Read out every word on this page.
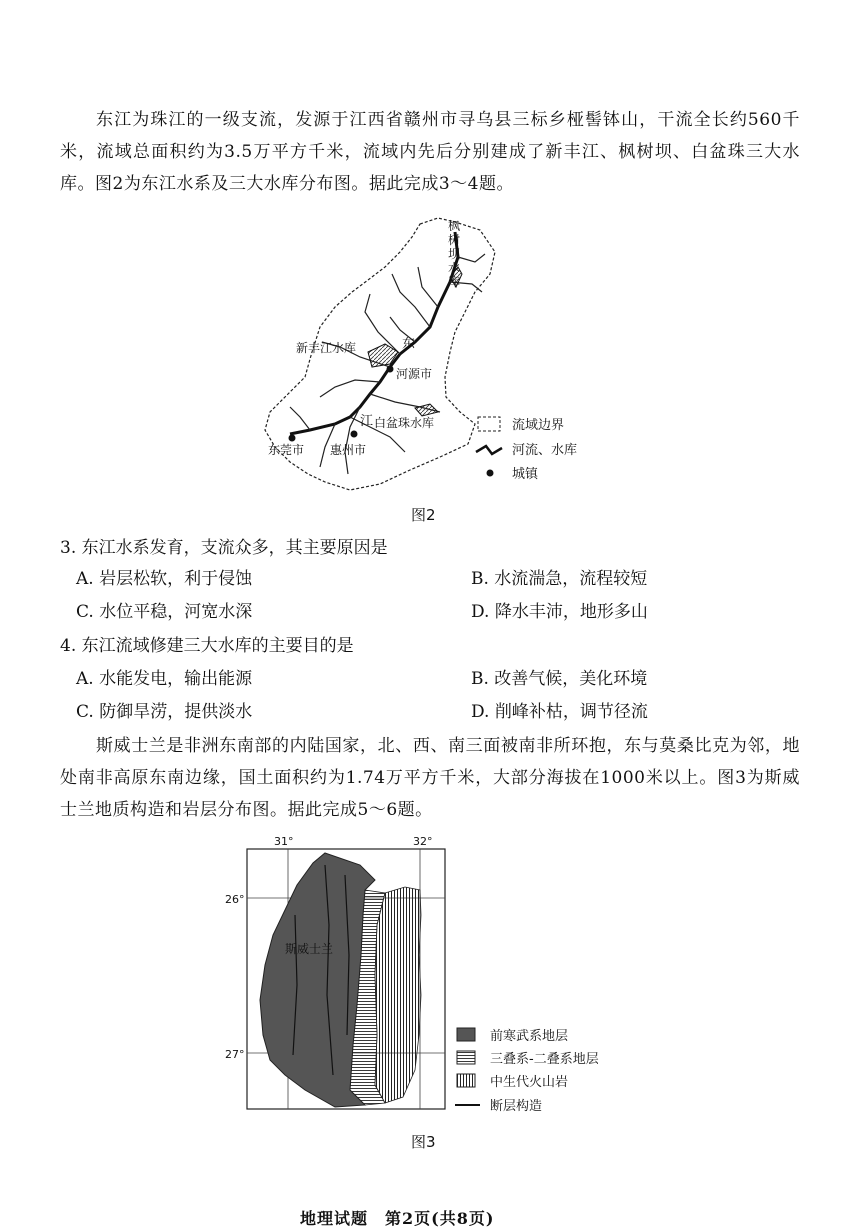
东江为珠江的一级支流，发源于江西省赣州市寻乌县三标乡桠髻钵山，干流全长约560千米，流域总面积约为3.5万平方千米，流域内先后分别建成了新丰江、枫树坝、白盆珠三大水库。图2为东江水系及三大水库分布图。据此完成3～4题。

枫
树
坝
水
库
新丰江水库	东
江
河源市
白盆珠水库
东莞市 惠州市
流域边界
河流、水库
城镇
图2

3. 东江水系发育，支流众多，其主要原因是

A. 岩层松软，利于侵蚀	B. 水流湍急，流程较短

C. 水位平稳，河宽水深	D. 降水丰沛，地形多山

4. 东江流域修建三大水库的主要目的是

A. 水能发电，输出能源	B. 改善气候，美化环境

C. 防御旱涝，提供淡水	D. 削峰补枯，调节径流

斯威士兰是非洲东南部的内陆国家，北、西、南三面被南非所环抱，东与莫桑比克为邻，地处南非高原东南边缘，国土面积约为1.74万平方千米，大部分海拔在1000米以上。图3为斯威士兰地质构造和岩层分布图。据此完成5～6题。

31°	32°
26°
27°
斯威士兰
前寒武系地层
三叠系-二叠系地层
中生代火山岩
断层构造
图3
地理试题　第2页(共8页)
